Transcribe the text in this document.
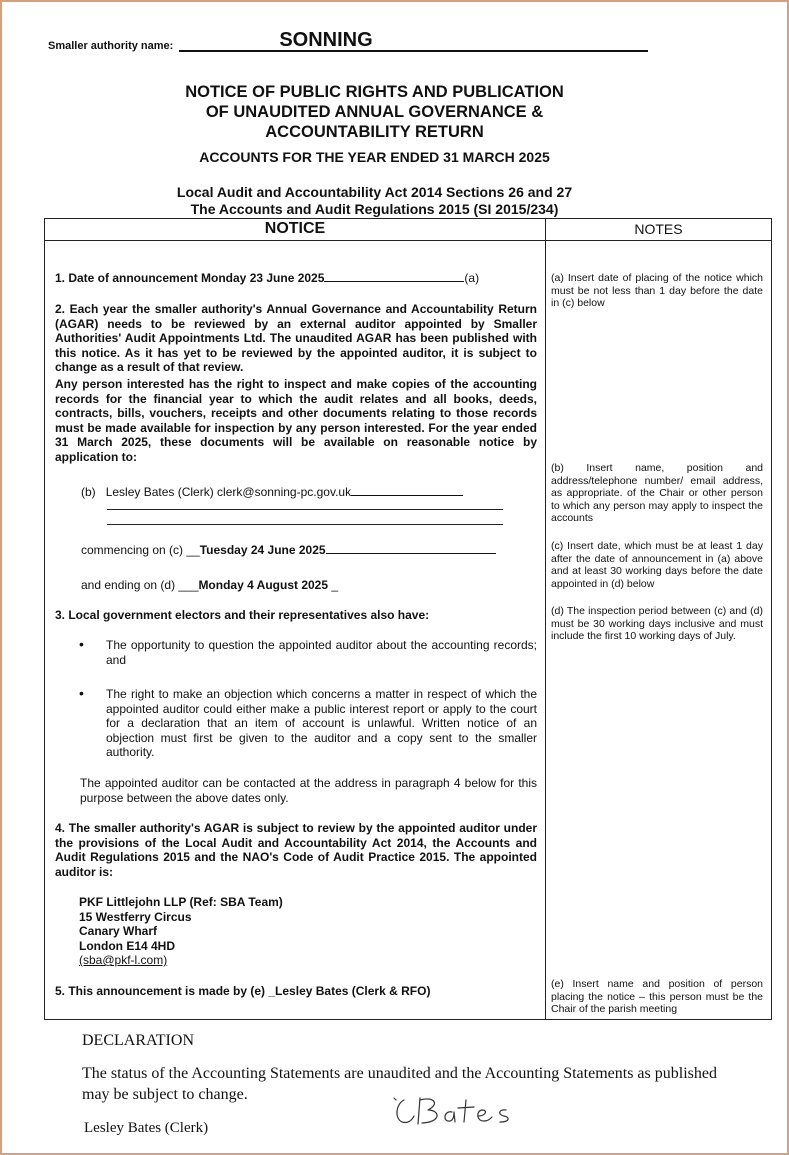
Smaller authority name:	SONNING
NOTICE OF PUBLIC RIGHTS AND PUBLICATION
OF UNAUDITED ANNUAL GOVERNANCE &
ACCOUNTABILITY RETURN
ACCOUNTS FOR THE YEAR ENDED 31 MARCH 2025
Local Audit and Accountability Act 2014 Sections 26 and 27
The Accounts and Audit Regulations 2015 (SI 2015/234)
NOTICE	NOTES
1. Date of announcement Monday 23 June 2025	(a)
2. Each year the smaller authority's Annual Governance and Accountability Return (AGAR) needs to be reviewed by an external auditor appointed by Smaller Authorities' Audit Appointments Ltd. The unaudited AGAR has been published with this notice. As it has yet to be reviewed by the appointed auditor, it is subject to change as a result of that review.
Any person interested has the right to inspect and make copies of the accounting records for the financial year to which the audit relates and all books, deeds, contracts, bills, vouchers, receipts and other documents relating to those records must be made available for inspection by any person interested. For the year ended 31 March 2025, these documents will be available on reasonable notice by application to:
(b) Lesley Bates (Clerk) clerk@sonning-pc.gov.uk
commencing on (c) __Tuesday 24 June 2025
and ending on (d) ___Monday 4 August 2025 _
3. Local government electors and their representatives also have:
• The opportunity to question the appointed auditor about the accounting records; and
• The right to make an objection which concerns a matter in respect of which the appointed auditor could either make a public interest report or apply to the court for a declaration that an item of account is unlawful. Written notice of an objection must first be given to the auditor and a copy sent to the smaller authority.
The appointed auditor can be contacted at the address in paragraph 4 below for this purpose between the above dates only.
4. The smaller authority's AGAR is subject to review by the appointed auditor under the provisions of the Local Audit and Accountability Act 2014, the Accounts and Audit Regulations 2015 and the NAO's Code of Audit Practice 2015. The appointed auditor is:
PKF Littlejohn LLP (Ref: SBA Team)
15 Westferry Circus
Canary Wharf
London E14 4HD
(sba@pkf-l.com)
5. This announcement is made by (e) _Lesley Bates (Clerk & RFO)
(a) Insert date of placing of the notice which must be not less than 1 day before the date in (c) below
(b) Insert name, position and address/telephone number/ email address, as appropriate. of the Chair or other person to which any person may apply to inspect the accounts
(c) Insert date, which must be at least 1 day after the date of announcement in (a) above and at least 30 working days before the date appointed in (d) below
(d) The inspection period between (c) and (d) must be 30 working days inclusive and must include the first 10 working days of July.
(e) Insert name and position of person placing the notice – this person must be the Chair of the parish meeting
DECLARATION
The status of the Accounting Statements are unaudited and the Accounting Statements as published may be subject to change.
Lesley Bates (Clerk)
